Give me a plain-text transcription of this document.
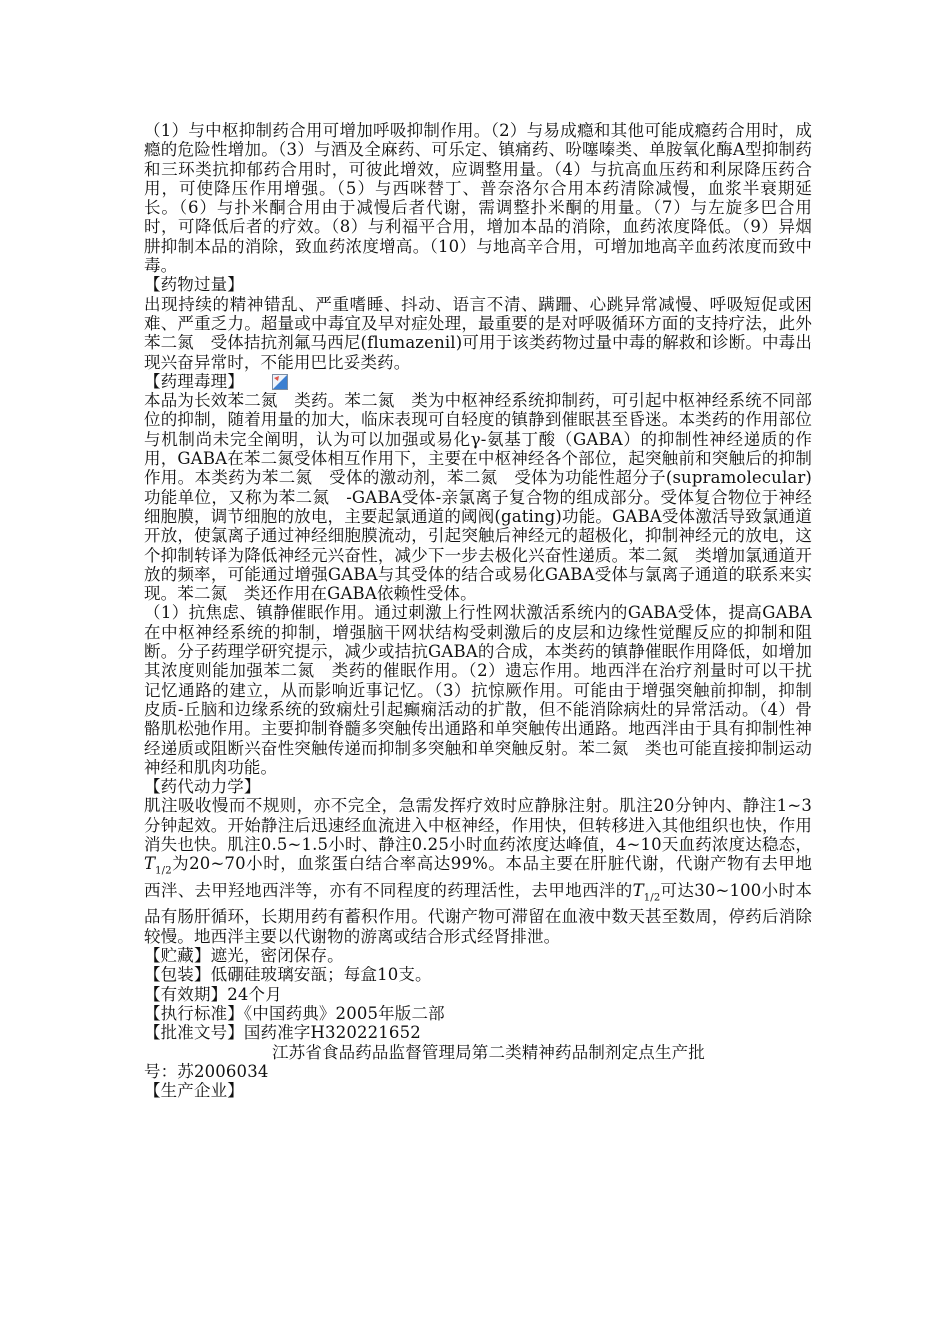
（1）与中枢抑制药合用可增加呼吸抑制作用。（2）与易成瘾和其他可能成瘾药合用时，成瘾的危险性增加。（3）与酒及全麻药、可乐定、镇痛药、吩噻嗪类、单胺氧化酶A型抑制药和三环类抗抑郁药合用时，可彼此增效，应调整用量。（4）与抗高血压药和利尿降压药合用，可使降压作用增强。（5）与西咪替丁、普奈洛尔合用本药清除减慢，血浆半衰期延长。（6）与扑米酮合用由于减慢后者代谢，需调整扑米酮的用量。（7）与左旋多巴合用时，可降低后者的疗效。（8）与利福平合用，增加本品的消除，血药浓度降低。（9）异烟肼抑制本品的消除，致血药浓度增高。（10）与地高辛合用，可增加地高辛血药浓度而致中毒。

【药物过量】

出现持续的精神错乱、严重嗜睡、抖动、语言不清、蹒跚、心跳异常减慢、呼吸短促或困难、严重乏力。超量或中毒宜及早对症处理，最重要的是对呼吸循环方面的支持疗法，此外苯二氮　受体拮抗剂氟马西尼(flumazenil)可用于该类药物过量中毒的解救和诊断。中毒出现兴奋异常时，不能用巴比妥类药。

【药理毒理】

本品为长效苯二氮　类药。苯二氮　类为中枢神经系统抑制药，可引起中枢神经系统不同部位的抑制，随着用量的加大，临床表现可自轻度的镇静到催眠甚至昏迷。本类药的作用部位与机制尚未完全阐明，认为可以加强或易化γ-氨基丁酸（GABA）的抑制性神经递质的作用，GABA在苯二氮受体相互作用下，主要在中枢神经各个部位，起突触前和突触后的抑制作用。本类药为苯二氮　受体的激动剂，苯二氮　受体为功能性超分子(supramolecular)功能单位，又称为苯二氮　-GABA受体-亲氯离子复合物的组成部分。受体复合物位于神经细胞膜，调节细胞的放电，主要起氯通道的阈阀(gating)功能。GABA受体激活导致氯通道开放，使氯离子通过神经细胞膜流动，引起突触后神经元的超极化，抑制神经元的放电，这个抑制转译为降低神经元兴奋性，减少下一步去极化兴奋性递质。苯二氮　类增加氯通道开放的频率，可能通过增强GABA与其受体的结合或易化GABA受体与氯离子通道的联系来实现。苯二氮　类还作用在GABA依赖性受体。

（1）抗焦虑、镇静催眠作用。通过刺激上行性网状激活系统内的GABA受体，提高GABA在中枢神经系统的抑制，增强脑干网状结构受刺激后的皮层和边缘性觉醒反应的抑制和阻断。分子药理学研究提示，减少或拮抗GABA的合成，本类药的镇静催眠作用降低，如增加其浓度则能加强苯二氮　类药的催眠作用。（2）遗忘作用。地西泮在治疗剂量时可以干扰记忆通路的建立，从而影响近事记忆。（3）抗惊厥作用。可能由于增强突触前抑制，抑制皮质-丘脑和边缘系统的致痫灶引起癫痫活动的扩散，但不能消除病灶的异常活动。（4）骨骼肌松弛作用。主要抑制脊髓多突触传出通路和单突触传出通路。地西泮由于具有抑制性神经递质或阻断兴奋性突触传递而抑制多突触和单突触反射。苯二氮　类也可能直接抑制运动神经和肌肉功能。

【药代动力学】

肌注吸收慢而不规则，亦不完全，急需发挥疗效时应静脉注射。肌注20分钟内、静注1~3分钟起效。开始静注后迅速经血流进入中枢神经，作用快，但转移进入其他组织也快，作用消失也快。肌注0.5~1.5小时、静注0.25小时血药浓度达峰值，4~10天血药浓度达稳态，$T_{1/2}$为20~70小时，血浆蛋白结合率高达99%。本品主要在肝脏代谢，代谢产物有去甲地西泮、去甲羟地西泮等，亦有不同程度的药理活性，去甲地西泮的$T_{1/2}$可达30~100小时本品有肠肝循环，长期用药有蓄积作用。代谢产物可滞留在血液中数天甚至数周，停药后消除较慢。地西泮主要以代谢物的游离或结合形式经肾排泄。

【贮藏】遮光，密闭保存。

【包装】低硼硅玻璃安瓿；每盒10支。

【有效期】24个月

【执行标准】《中国药典》2005年版二部

【批准文号】国药准字H320221652

江苏省食品药品监督管理局第二类精神药品制剂定点生产批

号：苏2006034

【生产企业】
